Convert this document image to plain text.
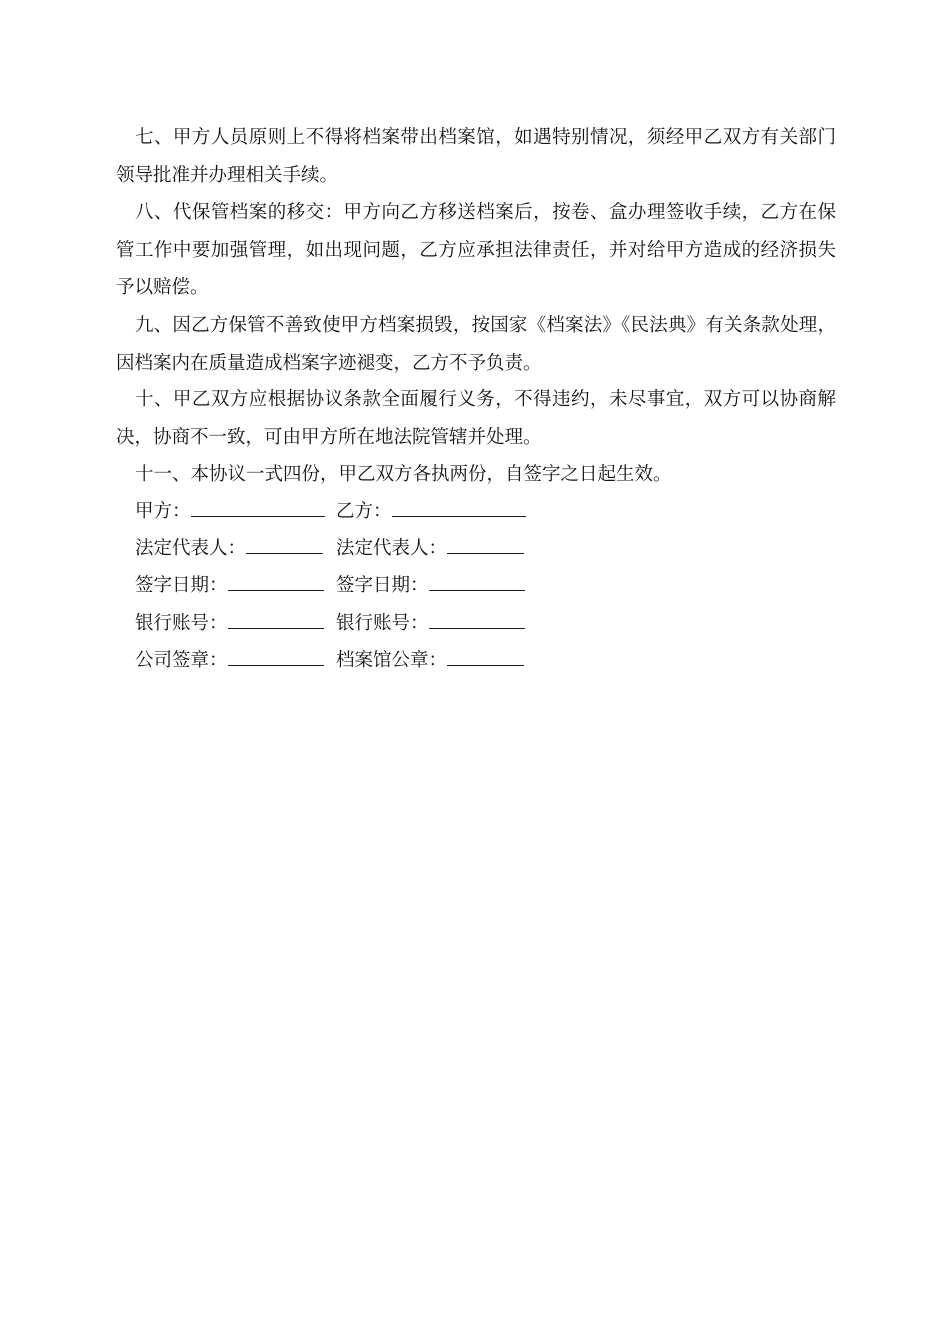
七、甲方人员原则上不得将档案带出档案馆，如遇特别情况，须经甲乙双方有关部门领导批准并办理相关手续。

八、代保管档案的移交：甲方向乙方移送档案后，按卷、盒办理签收手续，乙方在保管工作中要加强管理，如出现问题，乙方应承担法律责任，并对给甲方造成的经济损失予以赔偿。

九、因乙方保管不善致使甲方档案损毁，按国家《档案法》《民法典》有关条款处理，因档案内在质量造成档案字迹褪变，乙方不予负责。

十、甲乙双方应根据协议条款全面履行义务，不得违约，未尽事宜，双方可以协商解决，协商不一致，可由甲方所在地法院管辖并处理。

十一、本协议一式四份，甲乙双方各执两份，自签字之日起生效。

甲方：	乙方：
法定代表人：	法定代表人：
签字日期：	签字日期：
银行账号：	银行账号：
公司签章：	档案馆公章：
